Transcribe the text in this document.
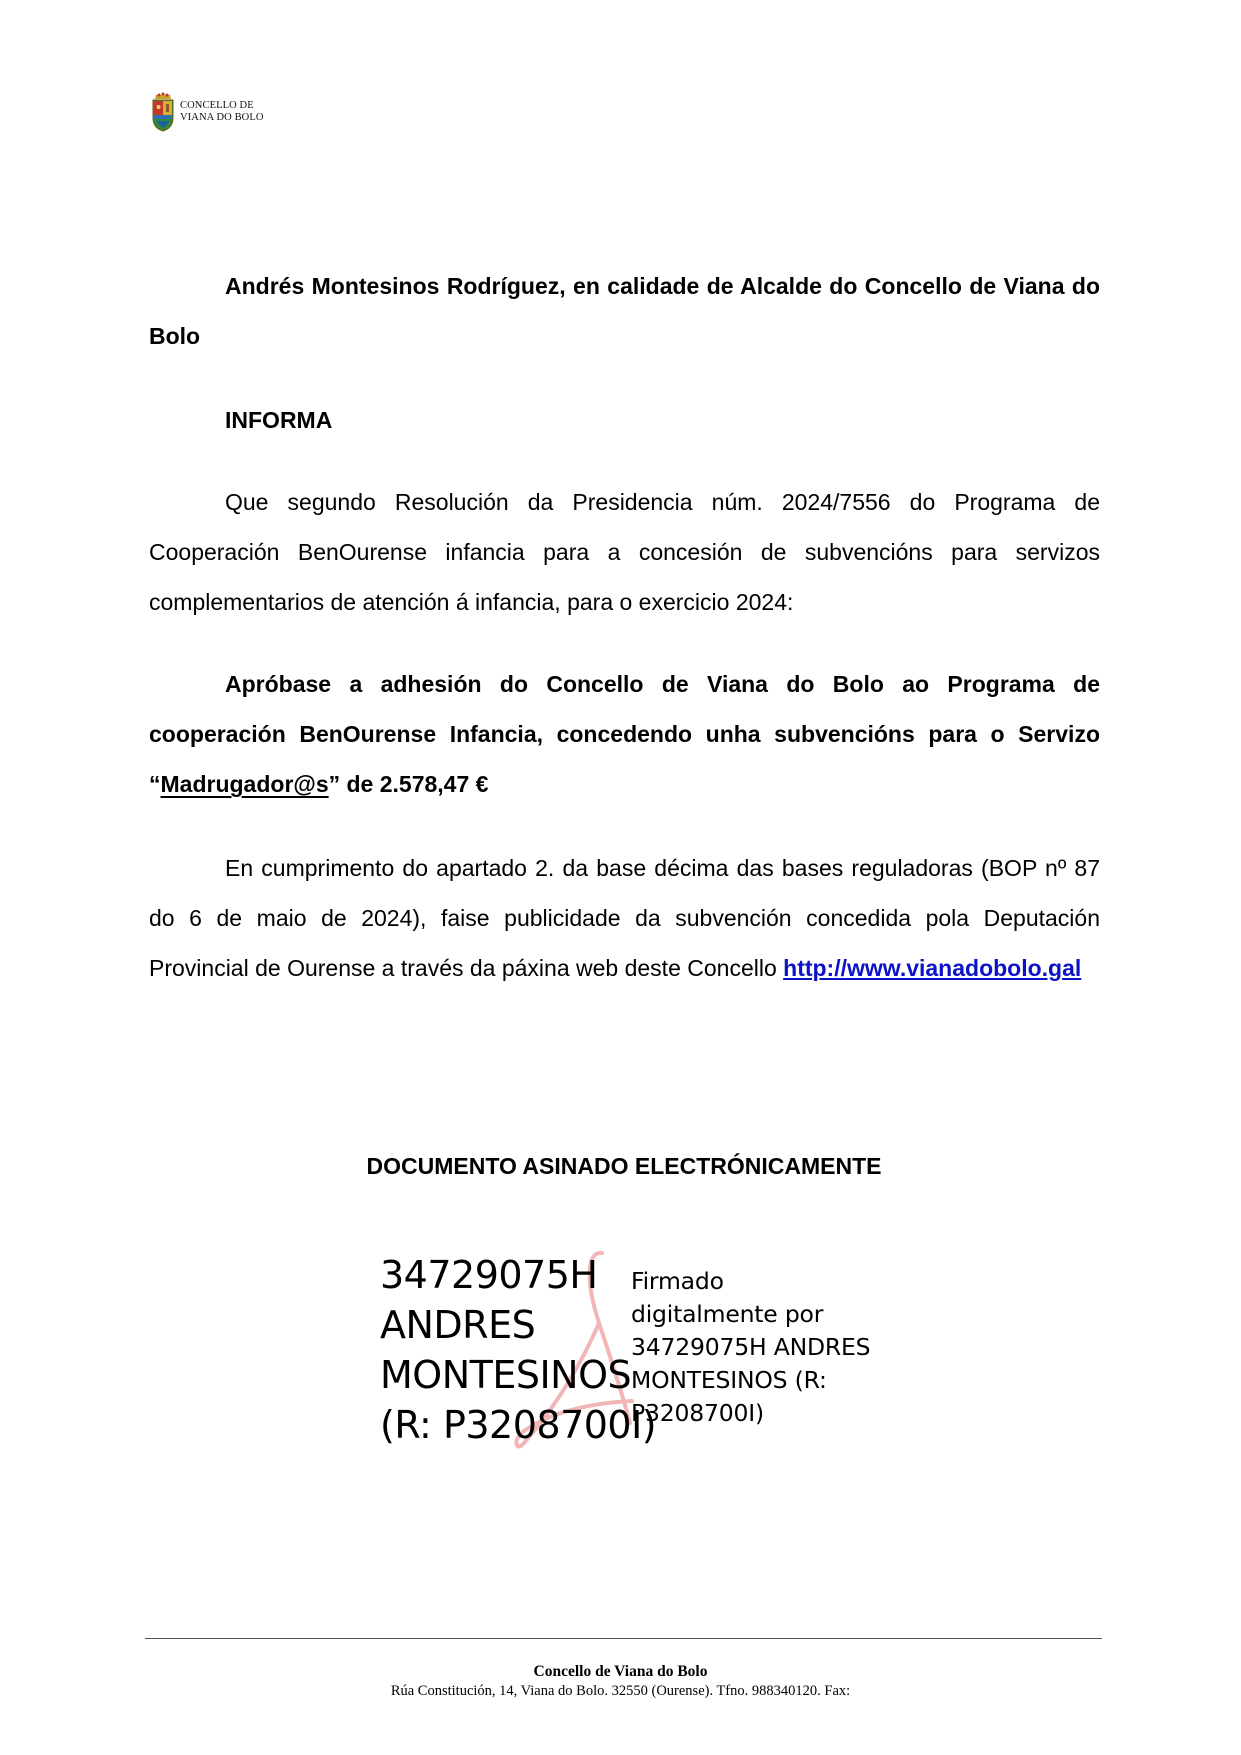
CONCELLO DE
VIANA DO BOLO
Andrés Montesinos Rodríguez, en calidade de Alcalde do Concello de Viana do Bolo
INFORMA
Que segundo Resolución da Presidencia núm. 2024/7556 do Programa de Cooperación BenOurense infancia para a concesión de subvencións para servizos complementarios de atención á infancia, para o exercicio 2024:
Apróbase a adhesión do Concello de Viana do Bolo ao Programa de cooperación BenOurense Infancia, concedendo unha subvencións para o Servizo “Madrugador@s” de 2.578,47 €
En cumprimento do apartado 2. da base décima das bases reguladoras (BOP nº 87 do 6 de maio de 2024), faise publicidade da subvención concedida pola Deputación Provincial de Ourense a través da páxina web deste Concello http://www.vianadobolo.gal
DOCUMENTO ASINADO ELECTRÓNICAMENTE
34729075H
ANDRES
MONTESINOS
(R: P3208700I)
Firmado
digitalmente por
34729075H ANDRES
MONTESINOS (R:
P3208700I)
Concello de Viana do Bolo
Rúa Constitución, 14, Viana do Bolo. 32550 (Ourense). Tfno. 988340120. Fax:
